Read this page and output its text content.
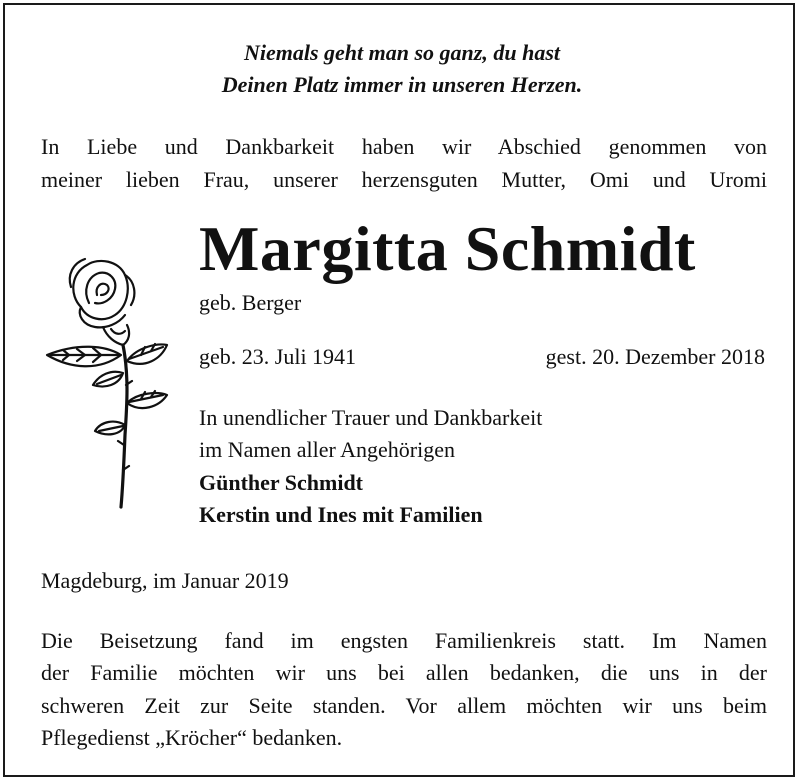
Niemals geht man so ganz, du hast
Deinen Platz immer in unseren Herzen.
In Liebe und Dankbarkeit haben wir Abschied genommen von
meiner lieben Frau, unserer herzensguten Mutter, Omi und Uromi
Margitta Schmidt
geb. Berger
geb. 23. Juli 1941	gest. 20. Dezember 2018
In unendlicher Trauer und Dankbarkeit
im Namen aller Angehörigen
Günther Schmidt
Kerstin und Ines mit Familien
Magdeburg, im Januar 2019
Die Beisetzung fand im engsten Familienkreis statt. Im Namen
der Familie möchten wir uns bei allen bedanken, die uns in der
schweren Zeit zur Seite standen. Vor allem möchten wir uns beim
Pflegedienst „Kröcher“ bedanken.
